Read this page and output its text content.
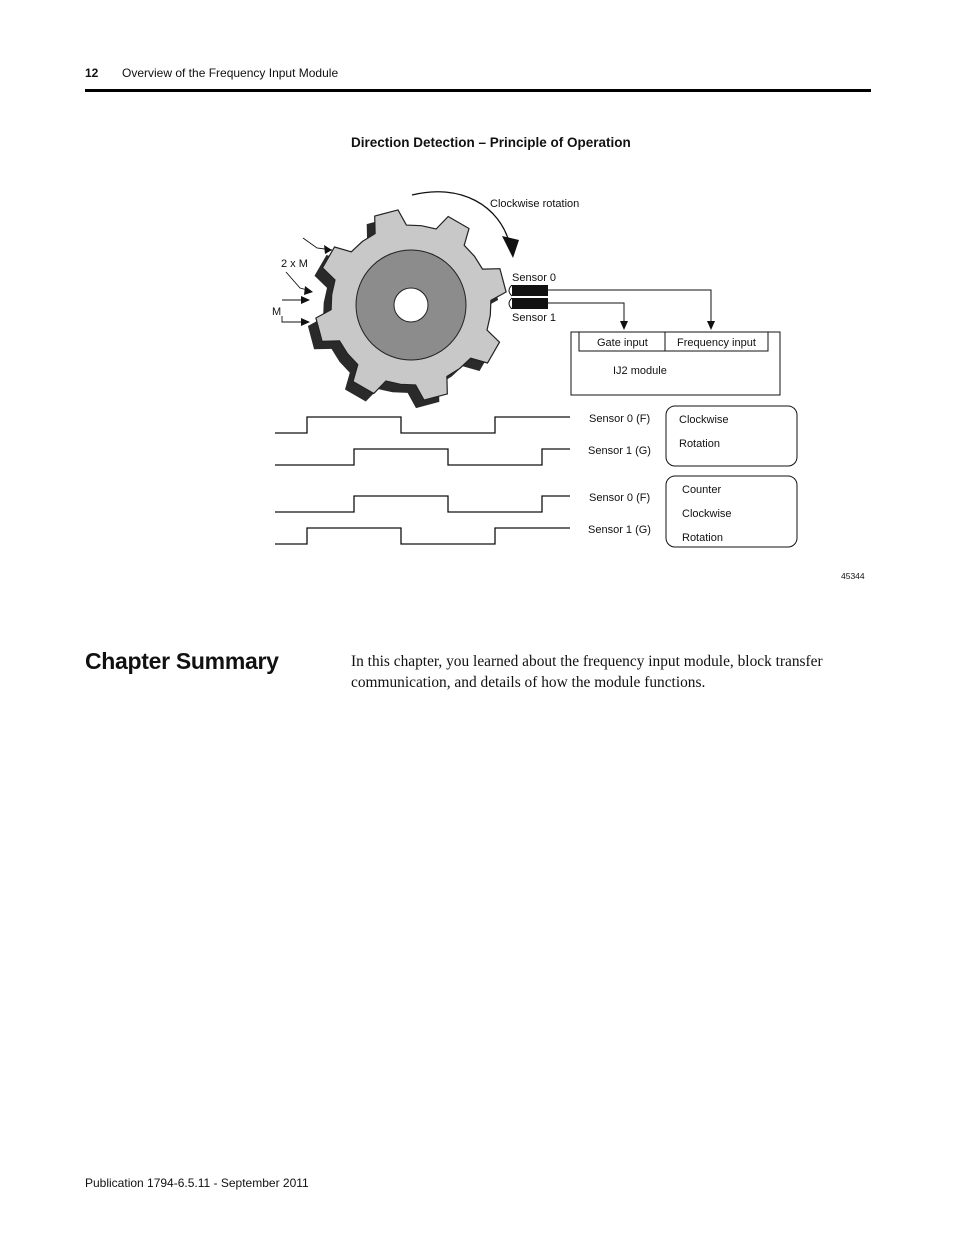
12 Overview of the Frequency Input Module
Direction Detection – Principle of Operation
Clockwise rotation
2 x M
M
Sensor 0
Sensor 1
Gate input	Frequency input
IJ2 module
Sensor 0 (F)
Sensor 1 (G)
Sensor 0 (F)
Sensor 1 (G)
Clockwise
Rotation
Counter
Clockwise
Rotation
45344
Chapter Summary	In this chapter, you learned about the frequency input module, block transfer communication, and details of how the module functions.
Publication 1794-6.5.11 - September 2011
